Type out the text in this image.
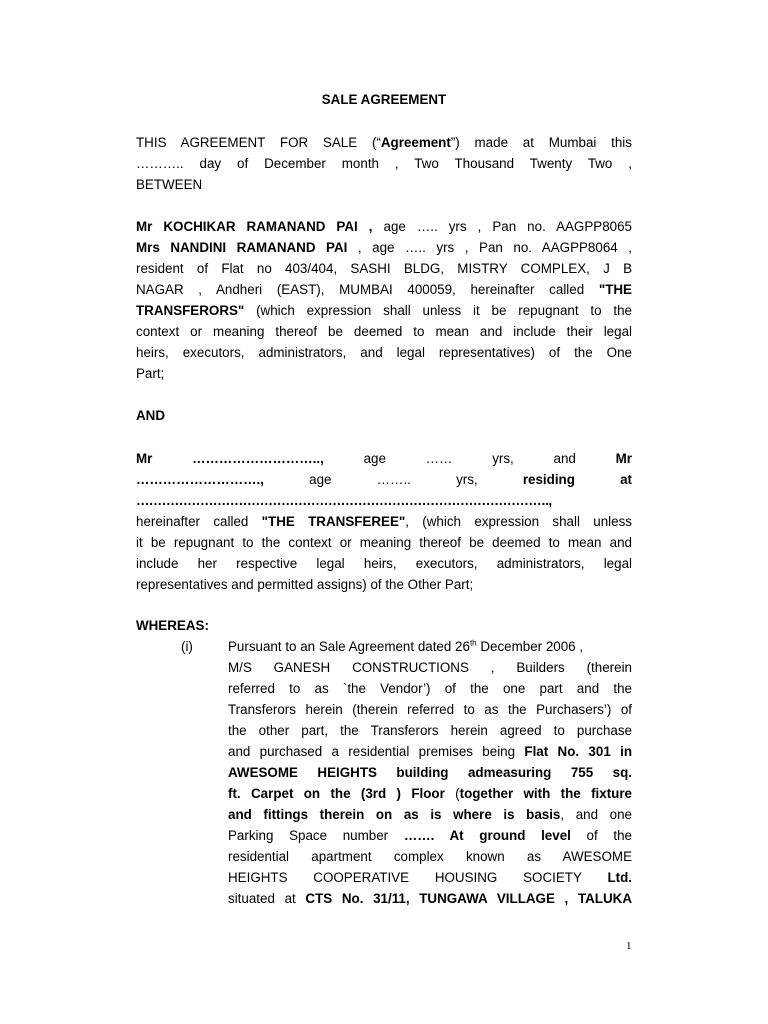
SALE AGREEMENT
THIS AGREEMENT FOR SALE (“Agreement”) made at Mumbai this
……….. day of December month , Two Thousand Twenty Two ,
BETWEEN
Mr KOCHIKAR RAMANAND PAI , age ….. yrs , Pan no. AAGPP8065
Mrs NANDINI RAMANAND PAI , age ….. yrs , Pan no. AAGPP8064 ,
resident of Flat no 403/404, SASHI BLDG, MISTRY COMPLEX, J B
NAGAR , Andheri (EAST), MUMBAI 400059, hereinafter called "THE
TRANSFERORS" (which expression shall unless it be repugnant to the
context or meaning thereof be deemed to mean and include their legal
heirs, executors, administrators, and legal representatives) of the One
Part;
AND
Mr	………………………..,	age	……	yrs,	and	Mr
……………………….,	age	……..	yrs,	residing	at
…………………………………………………………………………………….,
hereinafter called "THE TRANSFEREE", (which expression shall unless
it be repugnant to the context or meaning thereof be deemed to mean and
include her respective legal heirs, executors, administrators, legal
representatives and permitted assigns) of the Other Part;
WHEREAS:
(i)	Pursuant to an Sale Agreement dated 26th December 2006 ,
M/S GANESH CONSTRUCTIONS , Builders (therein
referred to as `the Vendor’) of the one part and the
Transferors herein (therein referred to as the Purchasers’) of
the other part, the Transferors herein agreed to purchase
and purchased a residential premises being Flat No. 301 in
AWESOME HEIGHTS building admeasuring 755 sq.
ft. Carpet on the (3rd ) Floor (together with the fixture
and fittings therein on as is where is basis, and one
Parking Space number ……. At ground level of the
residential apartment complex known as AWESOME
HEIGHTS COOPERATIVE HOUSING SOCIETY Ltd.
situated at CTS No. 31/11, TUNGAWA VILLAGE , TALUKA
1
